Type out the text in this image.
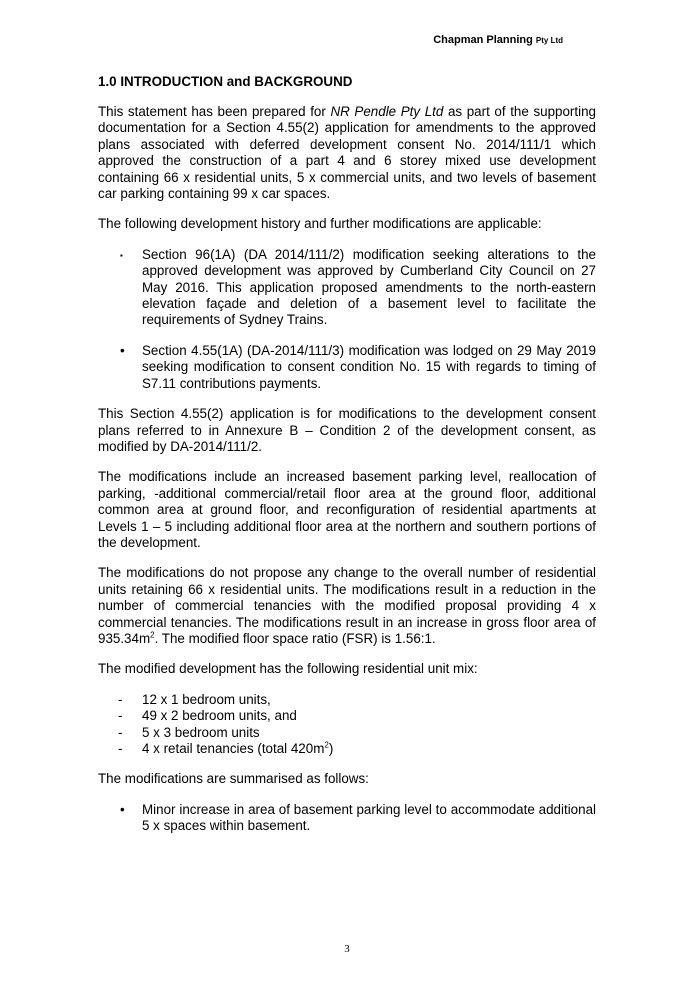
Chapman Planning Pty Ltd
1.0 INTRODUCTION and BACKGROUND

This statement has been prepared for NR Pendle Pty Ltd as part of the supporting documentation for a Section 4.55(2) application for amendments to the approved plans associated with deferred development consent No. 2014/111/1 which approved the construction of a part 4 and 6 storey mixed use development containing 66 x residential units, 5 x commercial units, and two levels of basement car parking containing 99 x car spaces.

The following development history and further modifications are applicable:

▪ Section 96(1A) (DA 2014/111/2) modification seeking alterations to the approved development was approved by Cumberland City Council on 27 May 2016. This application proposed amendments to the north-eastern elevation façade and deletion of a basement level to facilitate the requirements of Sydney Trains.
• Section 4.55(1A) (DA-2014/111/3) modification was lodged on 29 May 2019 seeking modification to consent condition No. 15 with regards to timing of S7.11 contributions payments.

This Section 4.55(2) application is for modifications to the development consent plans referred to in Annexure B – Condition 2 of the development consent, as modified by DA-2014/111/2.

The modifications include an increased basement parking level, reallocation of parking, ‑additional commercial/retail floor area at the ground floor, additional common area at ground floor, and reconfiguration of residential apartments at Levels 1 – 5 including additional floor area at the northern and southern portions of the development.

The modifications do not propose any change to the overall number of residential units retaining 66 x residential units. The modifications result in a reduction in the number of commercial tenancies with the modified proposal providing 4 x commercial tenancies. The modifications result in an increase in gross floor area of $935.34m^2$. The modified floor space ratio (FSR) is 1.56:1.

The modified development has the following residential unit mix:

- 12 x 1 bedroom units,
- 49 x 2 bedroom units, and
- 5 x 3 bedroom units
- 4 x retail tenancies (total $420m^2$)

The modifications are summarised as follows:

• Minor increase in area of basement parking level to accommodate additional 5 x spaces within basement.
3
